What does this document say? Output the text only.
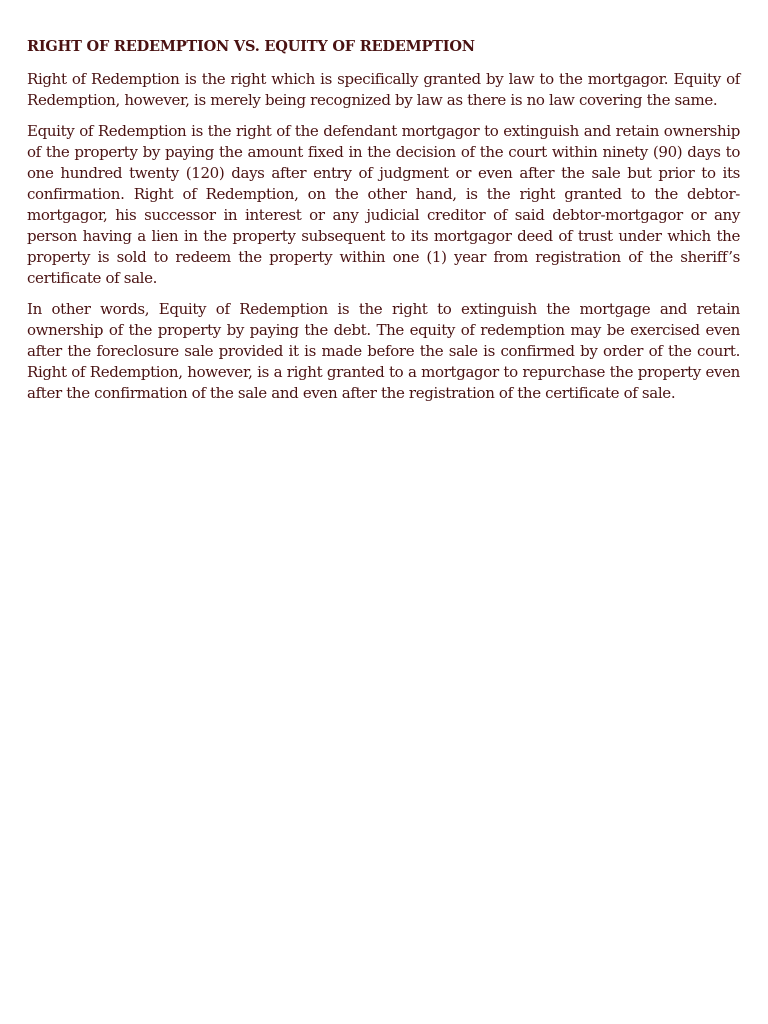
RIGHT OF REDEMPTION VS. EQUITY OF REDEMPTION

Right of Redemption is the right which is specifically granted by law to the mortgagor. Equity of Redemption, however, is merely being recognized by law as there is no law covering the same.

Equity of Redemption is the right of the defendant mortgagor to extinguish and retain ownership of the property by paying the amount fixed in the decision of the court within ninety (90) days to one hundred twenty (120) days after entry of judgment or even after the sale but prior to its confirmation. Right of Redemption, on the other hand, is the right granted to the debtor-mortgagor, his successor in interest or any judicial creditor of said debtor-mortgagor or any person having a lien in the property subsequent to its mortgagor deed of trust under which the property is sold to redeem the property within one (1) year from registration of the sheriff’s certificate of sale.

In other words, Equity of Redemption is the right to extinguish the mortgage and retain ownership of the property by paying the debt. The equity of redemption may be exercised even after the foreclosure sale provided it is made before the sale is confirmed by order of the court. Right of Redemption, however, is a right granted to a mortgagor to repurchase the property even after the confirmation of the sale and even after the registration of the certificate of sale.
